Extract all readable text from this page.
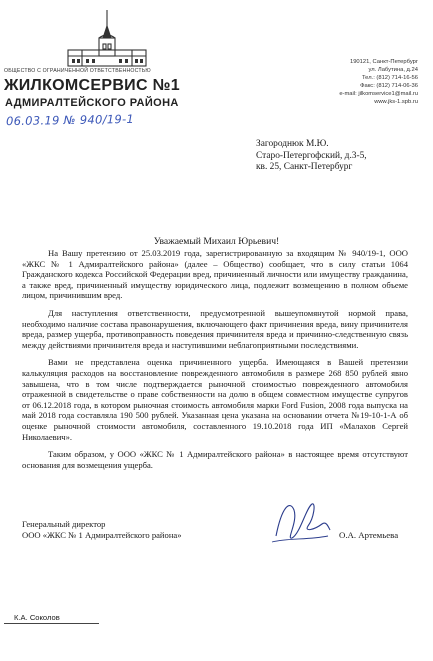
ОБЩЕСТВО С ОГРАНИЧЕННОЙ ОТВЕТСТВЕННОСТЬЮ
ЖИЛКОМСЕРВИС №1
АДМИРАЛТЕЙСКОГО РАЙОНА
06.03.19 № 940/19-1
190121, Санкт-Петербург
ул. Лабутина, д.24
Тел.: (812) 714-16-56
Факс: (812) 714-06-36
e-mail: jilkomservice1@mail.ru
www.jks-1.spb.ru
Загороднюк М.Ю.
Старо-Петергофский, д.3-5,
кв. 25, Санкт-Петербург
Уважаемый Михаил Юрьевич!

На Вашу претензию от 25.03.2019 года, зарегистрированную за входящим № 940/19-1, ООО «ЖКС № 1 Адмиралтейского района» (далее – Общество) сообщает, что в силу статьи 1064 Гражданского кодекса Российской Федерации вред, причиненный личности или имуществу гражданина, а также вред, причиненный имуществу юридического лица, подлежит возмещению в полном объеме лицом, причинившим вред.

Для наступления ответственности, предусмотренной вышеупомянутой нормой права, необходимо наличие состава правонарушения, включающего факт причинения вреда, вину причинителя вреда, размер ущерба, противоправность поведения причинителя вреда и причинно-следственную связь между действиями причинителя вреда и наступившими неблагоприятными последствиями.

Вами не представлена оценка причиненного ущерба. Имеющаяся в Вашей претензии калькуляция расходов на восстановление поврежденного автомобиля в размере 268 850 рублей явно завышена, что в том числе подтверждается рыночной стоимостью поврежденного автомобиля отраженной в свидетельстве о праве собственности на долю в общем совместном имуществе супругов от 06.12.2018 года, в котором рыночная стоимость автомобиля марки Ford Fusion, 2008 года выпуска на май 2018 года составляла 190 500 рублей. Указанная цена указана на основании отчета №19-10-1-А об оценке рыночной стоимости автомобиля, составленного 19.10.2018 года ИП «Малахов Сергей Николаевич».

Таким образом, у ООО «ЖКС № 1 Адмиралтейского района» в настоящее время отсутствуют основания для возмещения ущерба.

Генеральный директор
ООО «ЖКС № 1 Адмиралтейского района»	О.А. Артемьева
К.А. Соколов
